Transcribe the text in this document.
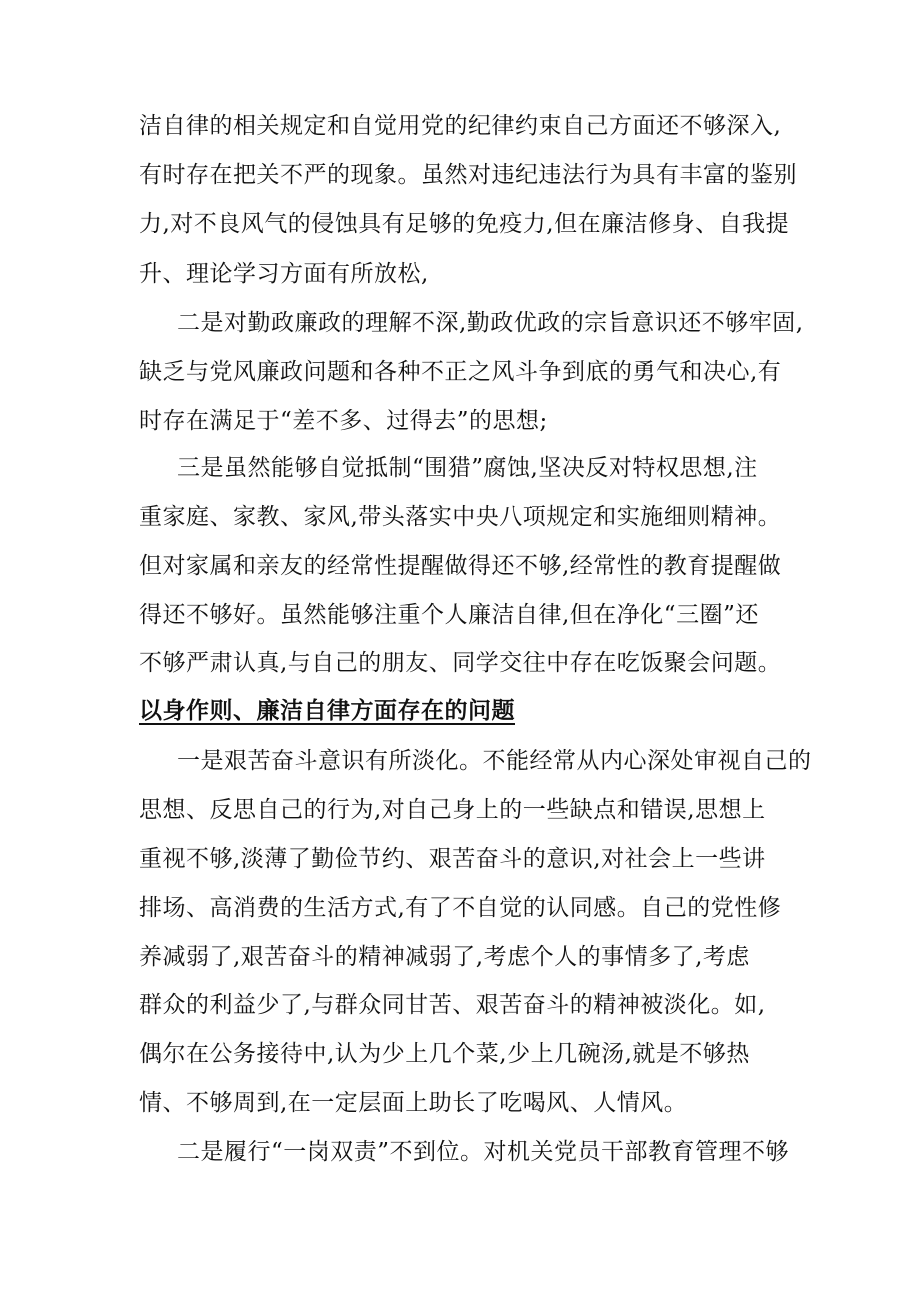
洁自律的相关规定和自觉用党的纪律约束自己方面还不够深入,
有时存在把关不严的现象。虽然对违纪违法行为具有丰富的鉴别
力,对不良风气的侵蚀具有足够的免疫力,但在廉洁修身、自我提
升、理论学习方面有所放松,
二是对勤政廉政的理解不深,勤政优政的宗旨意识还不够牢固,
缺乏与党风廉政问题和各种不正之风斗争到底的勇气和决心,有
时存在满足于“差不多、过得去”的思想;
三是虽然能够自觉抵制“围猎”腐蚀,坚决反对特权思想,注
重家庭、家教、家风,带头落实中央八项规定和实施细则精神。
但对家属和亲友的经常性提醒做得还不够,经常性的教育提醒做
得还不够好。虽然能够注重个人廉洁自律,但在净化“三圈”还
不够严肃认真,与自己的朋友、同学交往中存在吃饭聚会问题。
以身作则、廉洁自律方面存在的问题
一是艰苦奋斗意识有所淡化。不能经常从内心深处审视自己的
思想、反思自己的行为,对自己身上的一些缺点和错误,思想上
重视不够,淡薄了勤俭节约、艰苦奋斗的意识,对社会上一些讲
排场、高消费的生活方式,有了不自觉的认同感。自己的党性修
养减弱了,艰苦奋斗的精神减弱了,考虑个人的事情多了,考虑
群众的利益少了,与群众同甘苦、艰苦奋斗的精神被淡化。如,
偶尔在公务接待中,认为少上几个菜,少上几碗汤,就是不够热
情、不够周到,在一定层面上助长了吃喝风、人情风。
二是履行“一岗双责”不到位。对机关党员干部教育管理不够
